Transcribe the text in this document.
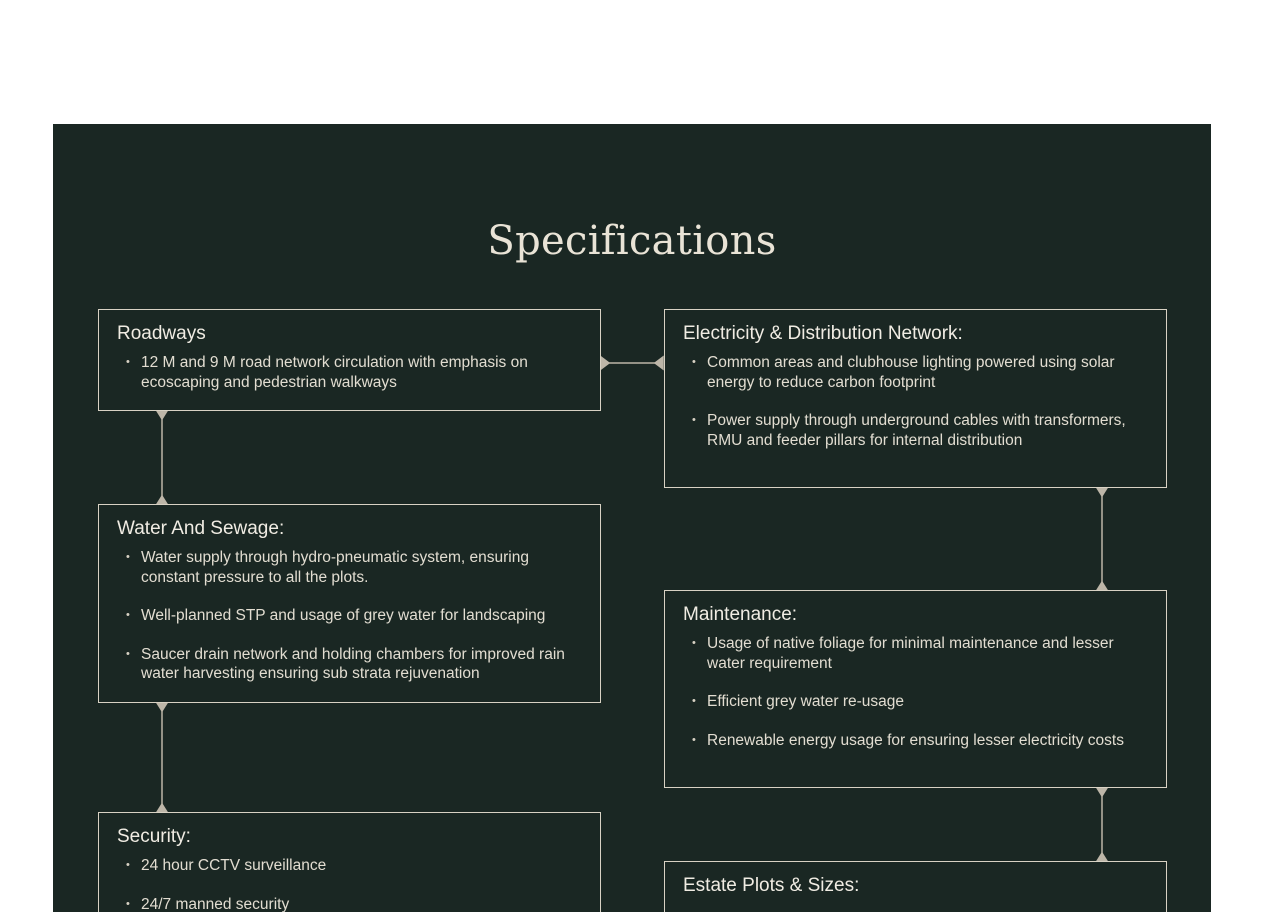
Specifications
Roadways
• 12 M and 9 M road network circulation with emphasis on ecoscaping and pedestrian walkways
Electricity & Distribution Network:
• Common areas and clubhouse lighting powered using solar energy to reduce carbon footprint
• Power supply through underground cables with transformers, RMU and feeder pillars for internal distribution
Water And Sewage:
• Water supply through hydro-pneumatic system, ensuring constant pressure to all the plots.
• Well-planned STP and usage of grey water for landscaping
• Saucer drain network and holding chambers for improved rain water harvesting ensuring sub strata rejuvenation
Maintenance:
• Usage of native foliage for minimal maintenance and lesser water requirement
• Efficient grey water re-usage
• Renewable energy usage for ensuring lesser electricity costs
Security:
• 24 hour CCTV surveillance
• 24/7 manned security
Estate Plots & Sizes:
